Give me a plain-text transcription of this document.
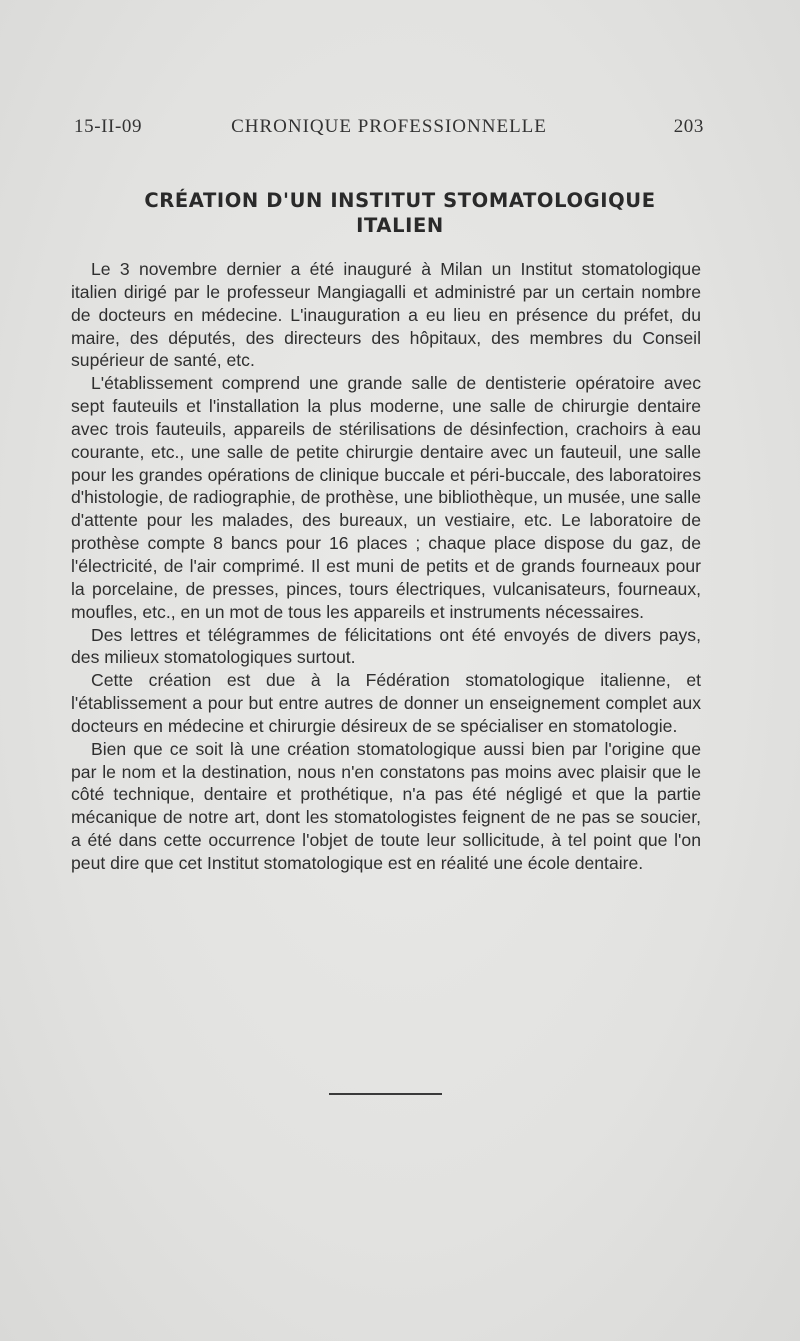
15-II-09	CHRONIQUE PROFESSIONNELLE	203
CRÉATION D'UN INSTITUT STOMATOLOGIQUE
ITALIEN

Le 3 novembre dernier a été inauguré à Milan un Institut stomatologique italien dirigé par le professeur Mangiagalli et administré par un certain nombre de docteurs en médecine. L'inauguration a eu lieu en présence du préfet, du maire, des députés, des directeurs des hôpitaux, des membres du Conseil supérieur de santé, etc.

L'établissement comprend une grande salle de dentisterie opératoire avec sept fauteuils et l'installation la plus moderne, une salle de chirurgie dentaire avec trois fauteuils, appareils de stérilisations de désinfection, crachoirs à eau courante, etc., une salle de petite chirurgie dentaire avec un fauteuil, une salle pour les grandes opérations de clinique buccale et péri-buccale, des laboratoires d'histologie, de radiographie, de prothèse, une bibliothèque, un musée, une salle d'attente pour les malades, des bureaux, un vestiaire, etc. Le laboratoire de prothèse compte 8 bancs pour 16 places ; chaque place dispose du gaz, de l'électricité, de l'air comprimé. Il est muni de petits et de grands fourneaux pour la porcelaine, de presses, pinces, tours électriques, vulcanisateurs, fourneaux, moufles, etc., en un mot de tous les appareils et instruments nécessaires.

Des lettres et télégrammes de félicitations ont été envoyés de divers pays, des milieux stomatologiques surtout.

Cette création est due à la Fédération stomatologique italienne, et l'établissement a pour but entre autres de donner un enseignement complet aux docteurs en médecine et chirurgie désireux de se spécialiser en stomatologie.

Bien que ce soit là une création stomatologique aussi bien par l'origine que par le nom et la destination, nous n'en constatons pas moins avec plaisir que le côté technique, dentaire et prothétique, n'a pas été négligé et que la partie mécanique de notre art, dont les stomatologistes feignent de ne pas se soucier, a été dans cette occurrence l'objet de toute leur sollicitude, à tel point que l'on peut dire que cet Institut stomatologique est en réalité une école dentaire.
